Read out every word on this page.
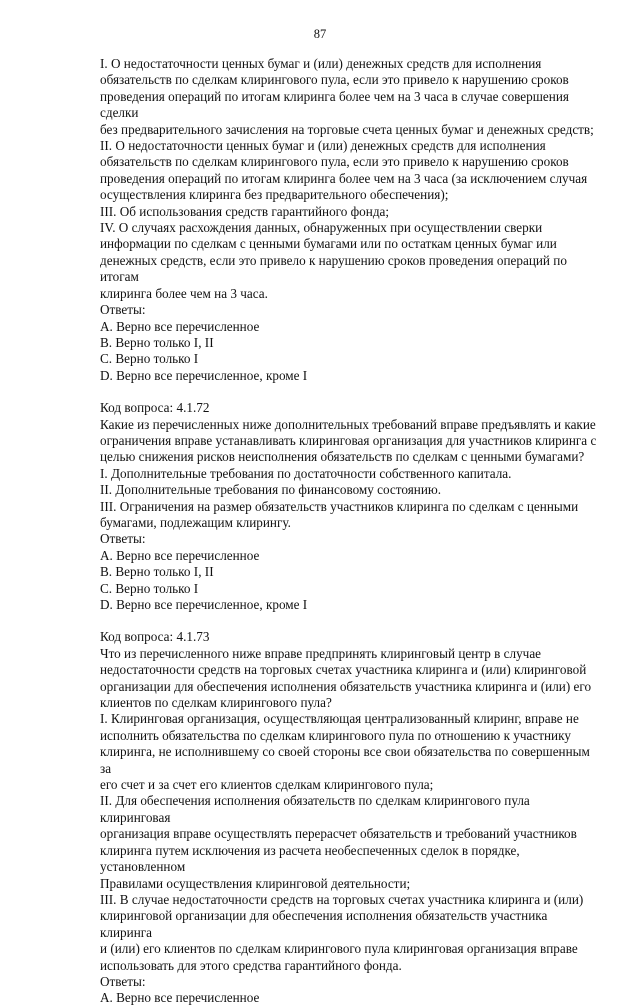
87

I. О недостаточности ценных бумаг и (или) денежных средств для исполнения

обязательств по сделкам клирингового пула, если это привело к нарушению сроков

проведения операций по итогам клиринга более чем на 3 часа в случае совершения сделки

без предварительного зачисления на торговые счета ценных бумаг и денежных средств;

II. О недостаточности ценных бумаг и (или) денежных средств для исполнения

обязательств по сделкам клирингового пула, если это привело к нарушению сроков

проведения операций по итогам клиринга более чем на 3 часа (за исключением случая

осуществления клиринга без предварительного обеспечения);

III. Об использования средств гарантийного фонда;

IV. О случаях расхождения данных, обнаруженных при осуществлении сверки

информации по сделкам с ценными бумагами или по остаткам ценных бумаг или

денежных средств, если это привело к нарушению сроков проведения операций по итогам

клиринга более чем на 3 часа.

Ответы:

A. Верно все перечисленное

B. Верно только I, II

C. Верно только I

D. Верно все перечисленное, кроме I

Код вопроса: 4.1.72

Какие из перечисленных ниже дополнительных требований вправе предъявлять и какие

ограничения вправе устанавливать клиринговая организация для участников клиринга с

целью снижения рисков неисполнения обязательств по сделкам с ценными бумагами?

I. Дополнительные требования по достаточности собственного капитала.

II. Дополнительные требования по финансовому состоянию.

III. Ограничения на размер обязательств участников клиринга по сделкам с ценными

бумагами, подлежащим клирингу.

Ответы:

A. Верно все перечисленное

B. Верно только I, II

C. Верно только I

D. Верно все перечисленное, кроме I

Код вопроса: 4.1.73

Что из перечисленного ниже вправе предпринять клиринговый центр в случае

недостаточности средств на торговых счетах участника клиринга и (или) клиринговой

организации для обеспечения исполнения обязательств участника клиринга и (или) его

клиентов по сделкам клирингового пула?

I. Клиринговая организация, осуществляющая централизованный клиринг, вправе не

исполнить обязательства по сделкам клирингового пула по отношению к участнику

клиринга, не исполнившему со своей стороны все свои обязательства по совершенным за

его счет и за счет его клиентов сделкам клирингового пула;

II. Для обеспечения исполнения обязательств по сделкам клирингового пула клиринговая

организация вправе осуществлять перерасчет обязательств и требований участников

клиринга путем исключения из расчета необеспеченных сделок в порядке, установленном

Правилами осуществления клиринговой деятельности;

III. В случае недостаточности средств на торговых счетах участника клиринга и (или)

клиринговой организации для обеспечения исполнения обязательств участника клиринга

и (или) его клиентов по сделкам клирингового пула клиринговая организация вправе

использовать для этого средства гарантийного фонда.

Ответы:

A. Верно все перечисленное
